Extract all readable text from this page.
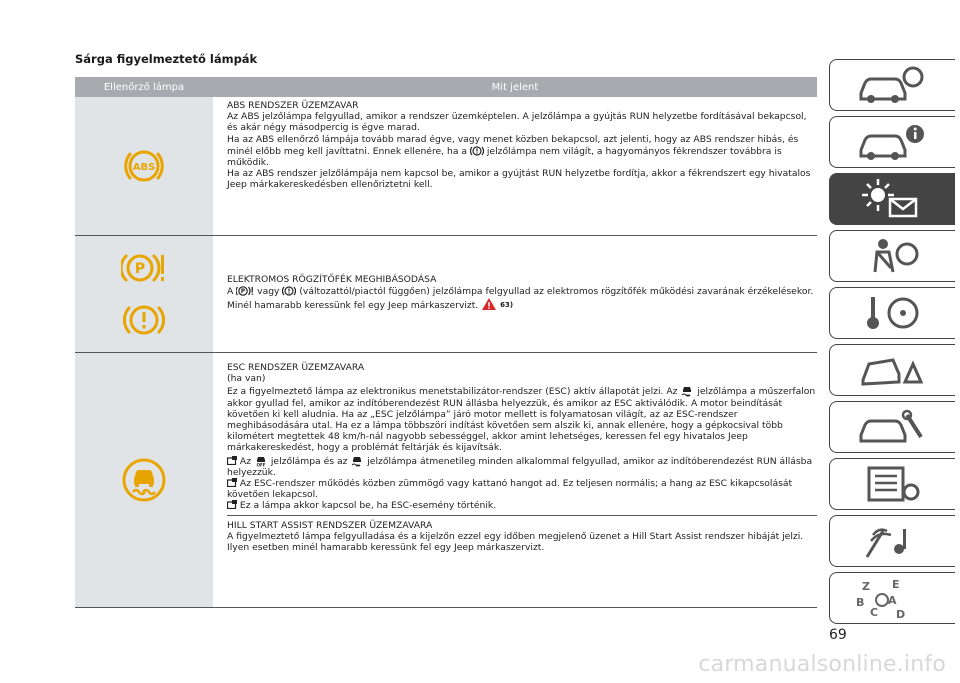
Sárga figyelmeztető lámpák
Ellenőrző lámpa	Mit jelent
ABS

ABS RENDSZER ÜZEMZAVAR

Az ABS jelzőlámpa felgyullad, amikor a rendszer üzemképtelen. A jelzőlámpa a gyújtás RUN helyzetbe fordításával bekapcsol, és akár négy másodpercig is égve marad.

Ha az ABS ellenőrző lámpája tovább marad égve, vagy menet közben bekapcsol, azt jelenti, hogy az ABS rendszer hibás, és minél előbb meg kell javíttatni. Ennek ellenére, ha a jelzőlámpa nem világít, a hagyományos fékrendszer továbbra is működik.

Ha az ABS rendszer jelzőlámpája nem kapcsol be, amikor a gyújtást RUN helyzetbe fordítja, akkor a fékrendszert egy hivatalos Jeep márkakereskedésben ellenőriztetni kell.

P

ELEKTROMOS RÖGZÍTŐFÉK MEGHIBÁSODÁSA

A P vagy (változattól/piactól függően) jelzőlámpa felgyullad az elektromos rögzítőfék működési zavarának érzékelésekor. Minél hamarabb keressünk fel egy Jeep márkaszervizt.	63)

ESC RENDSZER ÜZEMZAVARA

(ha van)

Ez a figyelmeztető lámpa az elektronikus menetstabilizátor-rendszer (ESC) aktív állapotát jelzi. Az jelzőlámpa a műszerfalon akkor gyullad fel, amikor az indítóberendezést RUN állásba helyezzük, és amikor az ESC aktiválódik. A motor beindítását követően ki kell aludnia. Ha az „ESC jelzőlámpa” járó motor mellett is folyamatosan világít, az az ESC-rendszer meghibásodására utal. Ha ez a lámpa többszöri indítást követően sem alszik ki, annak ellenére, hogy a gépkocsival több kilométert megtettek 48 km/h-nál nagyobb sebességgel, akkor amint lehetséges, keressen fel egy hivatalos Jeep márkakereskedést, hogy a problémát feltárják és kijavítsák.

Az OFF jelzőlámpa és az jelzőlámpa átmenetileg minden alkalommal felgyullad, amikor az indítóberendezést RUN állásba helyezzük.

Az ESC-rendszer működés közben zümmögő vagy kattanó hangot ad. Ez teljesen normális; a hang az ESC kikapcsolását követően lekapcsol.

Ez a lámpa akkor kapcsol be, ha ESC-esemény történik.

HILL START ASSIST RENDSZER ÜZEMZAVARA

A figyelmeztető lámpa felgyulladása és a kijelzőn ezzel egy időben megjelenő üzenet a Hill Start Assist rendszer hibáját jelzi.

Ilyen esetben minél hamarabb keressünk fel egy Jeep márkaszervizt.

Z E
B A
C D
69
carmanualsonline.info
